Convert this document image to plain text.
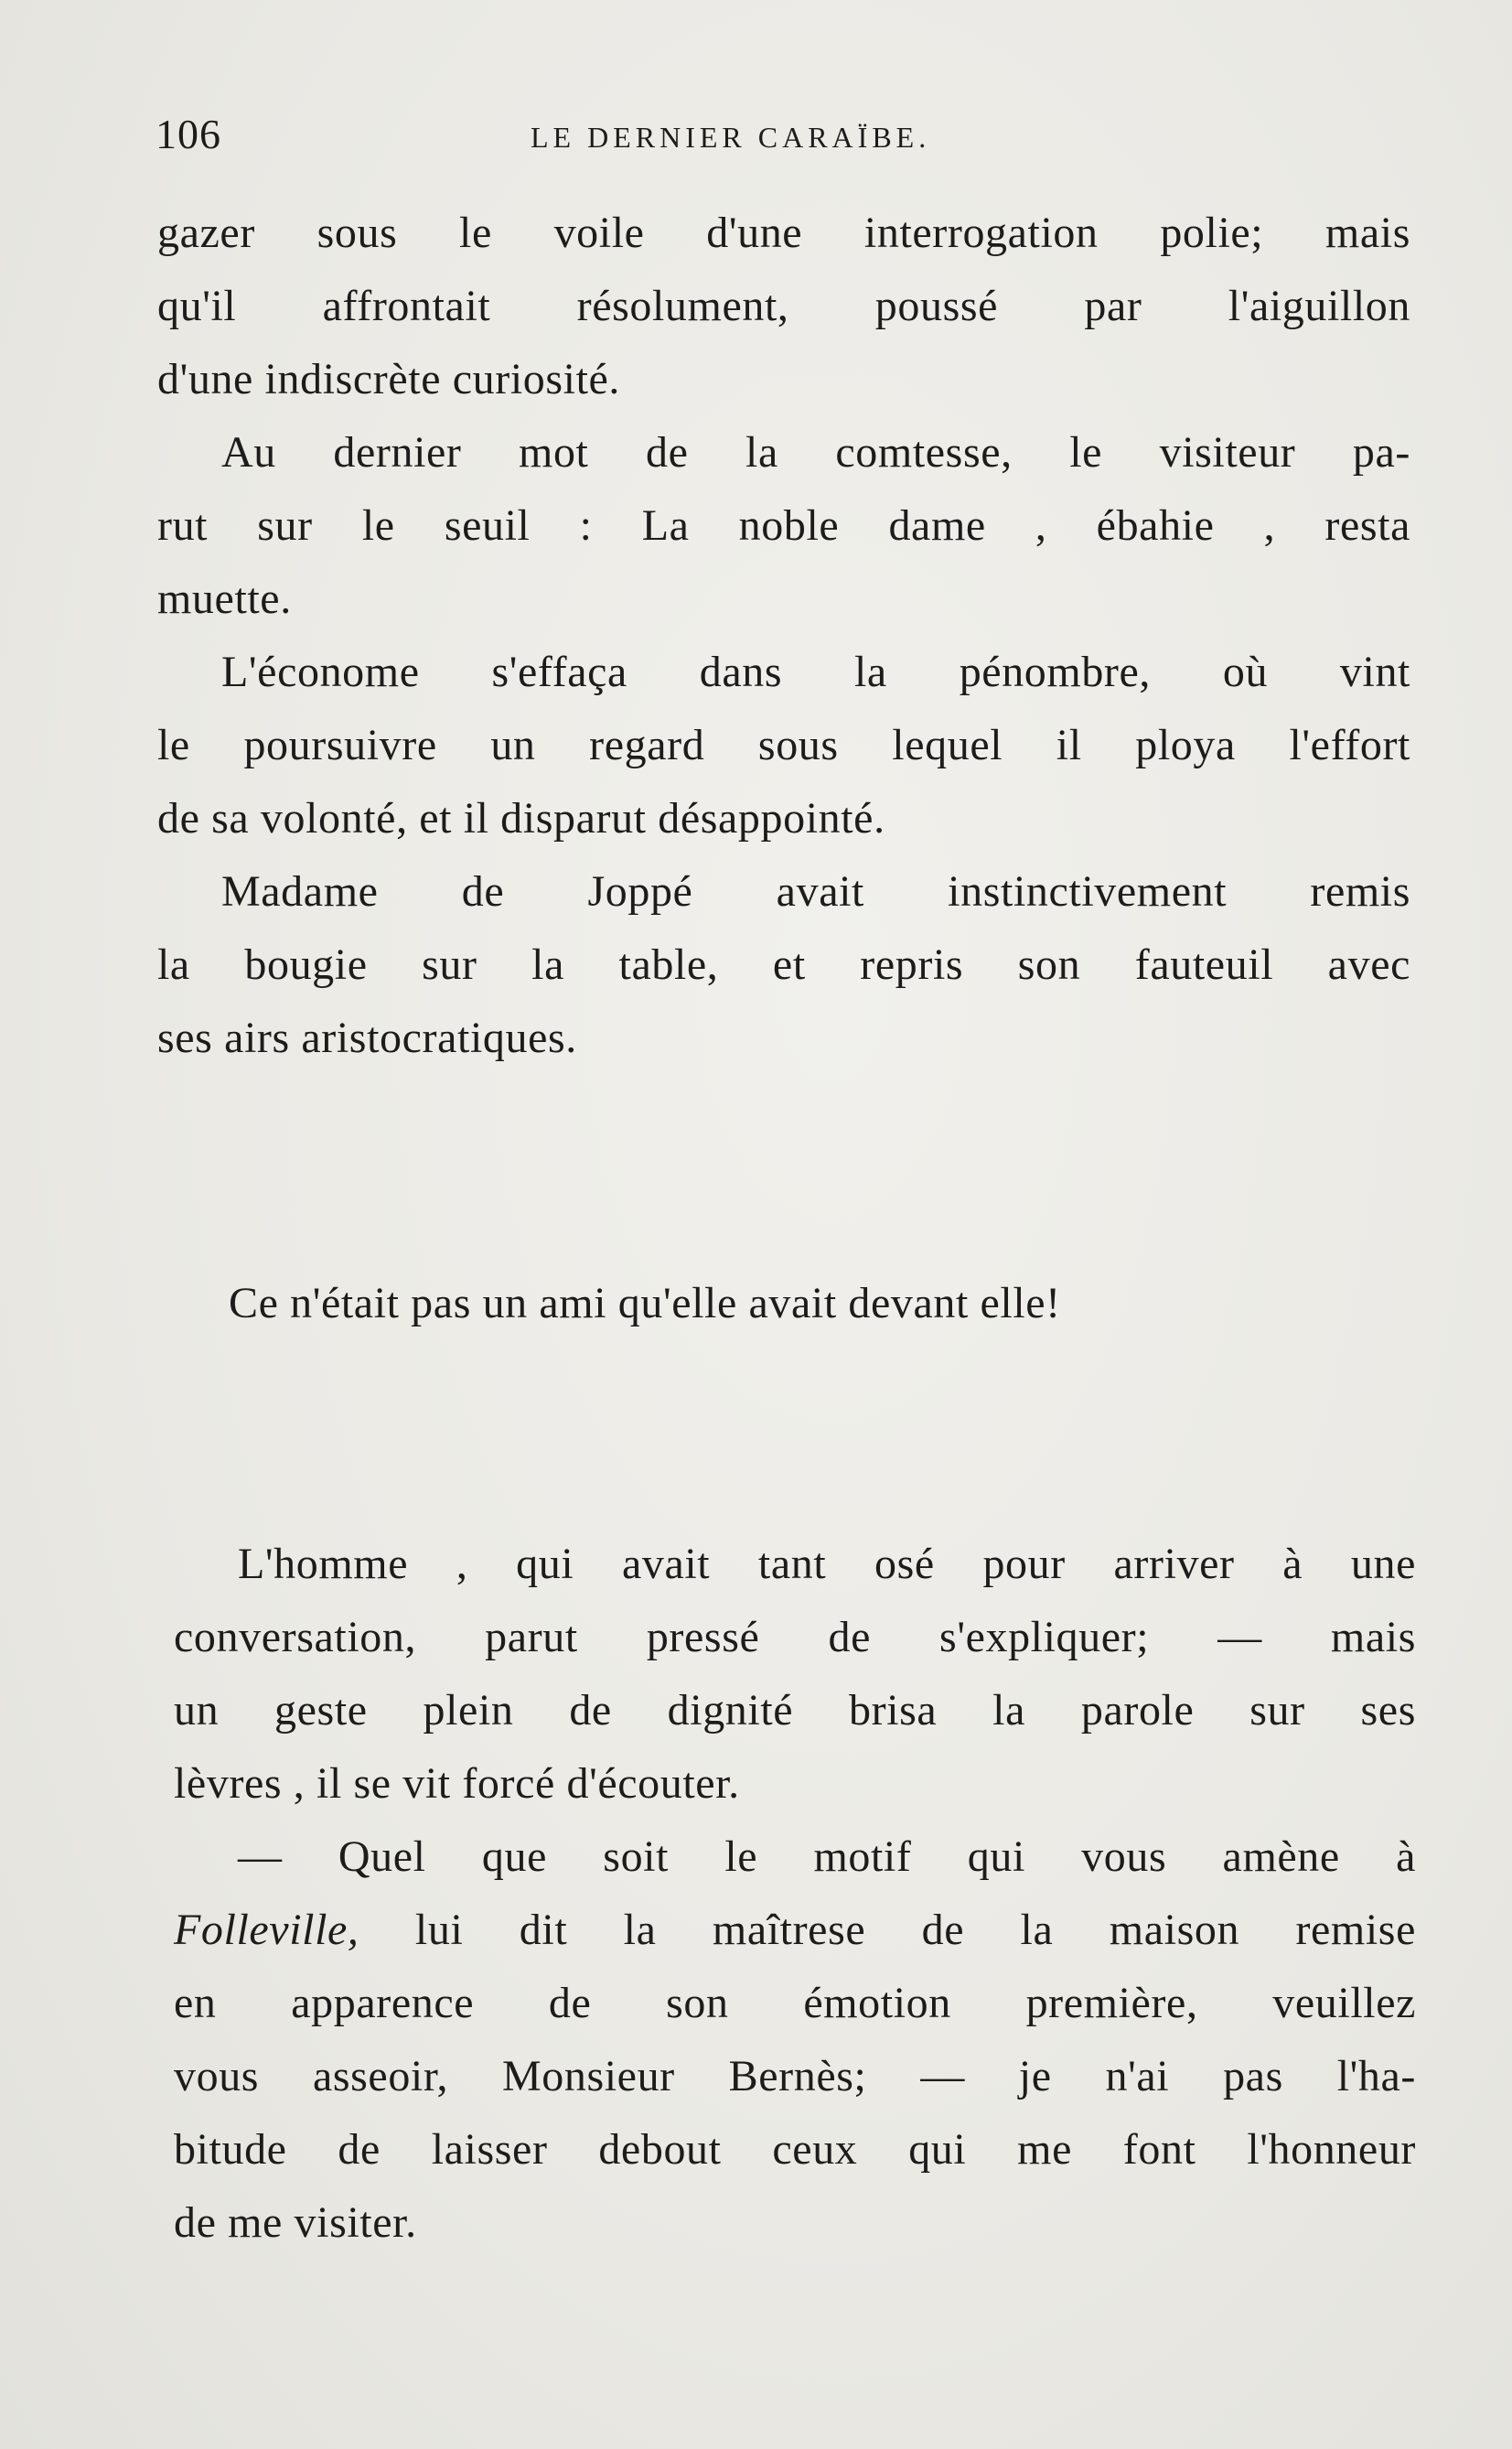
106	LE DERNIER CARAÏBE.
gazer sous le voile d'une interrogation polie; mais
qu'il affrontait résolument, poussé par l'aiguillon
d'une indiscrète curiosité.
Au dernier mot de la comtesse, le visiteur pa-
rut sur le seuil : La noble dame , ébahie , resta
muette.
L'économe s'effaça dans la pénombre, où vint
le poursuivre un regard sous lequel il ploya l'effort
de sa volonté, et il disparut désappointé.
Madame de Joppé avait instinctivement remis
la bougie sur la table, et repris son fauteuil avec
ses airs aristocratiques.
Ce n'était pas un ami qu'elle avait devant elle!
L'homme , qui avait tant osé pour arriver à une
conversation, parut pressé de s'expliquer; — mais
un geste plein de dignité brisa la parole sur ses
lèvres , il se vit forcé d'écouter.
— Quel que soit le motif qui vous amène à
Folleville, lui dit la maîtrese de la maison remise
en apparence de son émotion première, veuillez
vous asseoir, Monsieur Bernès; — je n'ai pas l'ha-
bitude de laisser debout ceux qui me font l'honneur
de me visiter.
